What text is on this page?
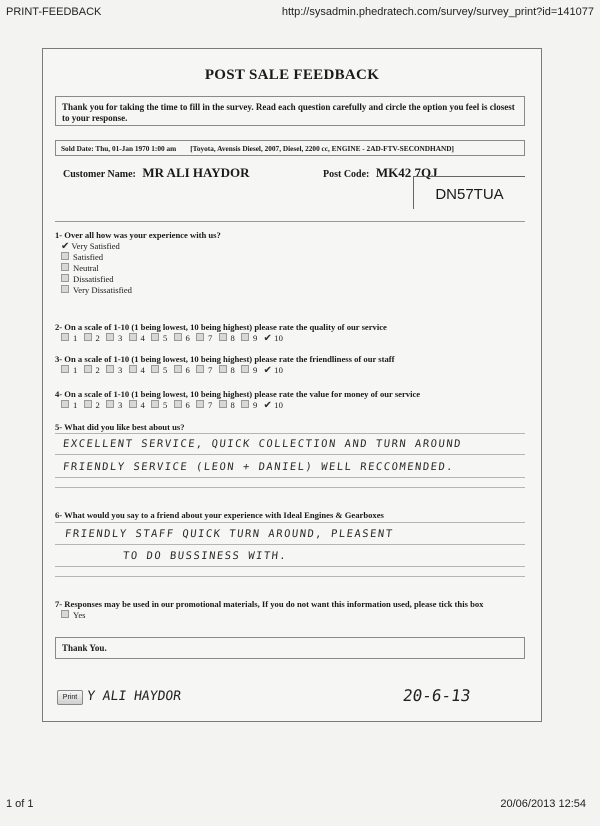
PRINT-FEEDBACK	http://sysadmin.phedratech.com/survey/survey_print?id=141077
POST SALE FEEDBACK
Thank you for taking the time to fill in the survey. Read each question carefully and circle the option you feel is closest to your response.
Sold Date: Thu, 01-Jan 1970 1:00 am [Toyota, Avensis Diesel, 2007, Diesel, 2200 cc, ENGINE - 2AD-FTV-SECONDHAND]
Customer Name: MR ALI HAYDOR	Post Code: MK42 7QJ
DN57TUA
1- Over all how was your experience with us?
✔ Very Satisfied
Satisfied
Neutral
Dissatisfied
Very Dissatisfied
2- On a scale of 1-10 (1 being lowest, 10 being highest) please rate the quality of our service
1 2 3 4 5 6 7 8 9 ✔ 10
3- On a scale of 1-10 (1 being lowest, 10 being highest) please rate the friendliness of our staff
1 2 3 4 5 6 7 8 9 ✔ 10
4- On a scale of 1-10 (1 being lowest, 10 being highest) please rate the value for money of our service
1 2 3 4 5 6 7 8 9 ✔ 10
5- What did you like best about us?
EXCELLENT SERVICE, QUICK COLLECTION AND TURN AROUND
FRIENDLY SERVICE (LEON + DANIEL) WELL RECCOMENDED.
6- What would you say to a friend about your experience with Ideal Engines & Gearboxes
FRIENDLY STAFF QUICK TURN AROUND, PLEASENT
TO DO BUSSINESS WITH.
7- Responses may be used in our promotional materials, If you do not want this information used, please tick this box
Yes
Thank You.
Print Y ALI HAYDOR	20-6-13
1 of 1	20/06/2013 12:54
